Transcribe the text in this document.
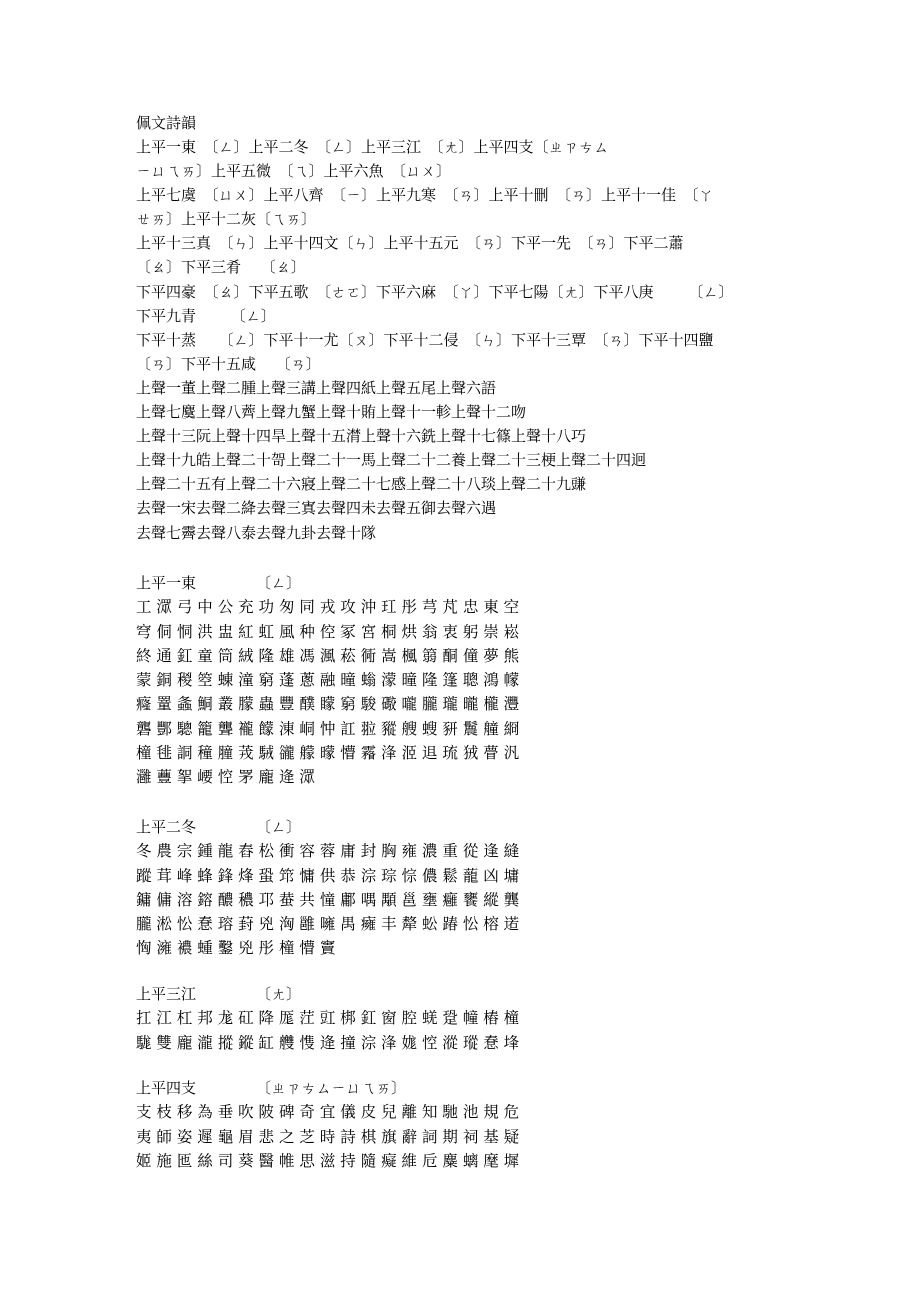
佩文詩韻
上平一東　〔ㄥ〕上平二冬　〔ㄥ〕上平三江　〔ㄤ〕上平四支〔ㄓㄗㄘㄙ
ㄧㄩㄟㄞ〕上平五微　〔ㄟ〕上平六魚　〔ㄩㄨ〕
上平七虞　〔ㄩㄨ〕上平八齊　〔ㄧ〕上平九寒　〔ㄢ〕上平十刪　〔ㄢ〕上平十一佳　〔ㄚ
ㄝㄞ〕上平十二灰〔ㄟㄞ〕
上平十三真　〔ㄣ〕上平十四文〔ㄣ〕上平十五元　〔ㄢ〕下平一先　〔ㄢ〕下平二蕭
〔ㄠ〕下平三肴　 〔ㄠ〕
下平四豪　〔ㄠ〕下平五歌　〔ㄜㄛ〕下平六麻　〔ㄚ〕下平七陽〔ㄤ〕下平八庚　　 〔ㄥ〕
下平九青　　 〔ㄥ〕
下平十蒸　　〔ㄥ〕下平十一尤〔ㄡ〕下平十二侵　〔ㄣ〕下平十三覃　〔ㄢ〕下平十四鹽
〔ㄢ〕下平十五咸　 〔ㄢ〕
上聲一董上聲二腫上聲三講上聲四紙上聲五尾上聲六語
上聲七麌上聲八薺上聲九蟹上聲十賄上聲十一軫上聲十二吻
上聲十三阮上聲十四旱上聲十五潸上聲十六銑上聲十七篠上聲十八巧
上聲十九皓上聲二十哿上聲二十一馬上聲二十二養上聲二十三梗上聲二十四迥
上聲二十五有上聲二十六寢上聲二十七感上聲二十八琰上聲二十九豏
去聲一宋去聲二絳去聲三寘去聲四未去聲五御去聲六遇
去聲七霽去聲八泰去聲九卦去聲十隊
上平一東	〔ㄥ〕
工 潀 弓 中 公 充 功 匆 同 戎 攻 沖 玒 彤 芎 芃 忠 東 空
穹 侗 恫 洪 盅 紅 虹 風 种 倥 冢 宮 桐 烘 翁 衷 躬 崇 崧
終 通 釭 童 筒 絨 隆 雄 馮 渢 菘 衕 嵩 楓 篛 酮 僮 夢 熊
蒙 銅 稯 箜 蝀 潼 窮 蓬 蔥 融 曈 螉 濛 曈 隆 篷 聰 鴻 幪
癃 罿 螽 鮦 叢 朦 蟲 豐 醭 矇 窮 駿 礮 嚨 朧 瓏 曨 櫳 灃
礱 酆 驄 籠 聾 襱 饛 涷 峒 忡 訌 翋 豵 艘 螋 豜 鬞 艟 綗
橦 毴 詷 穜 膧 茙 駥 豅 艨 曚 懵 霿 浲 洍 䢐 琉 狨 瞢 汎
灉 蘴 挐 崾 悾 罞 龐 逄 潀
上平二冬	〔ㄥ〕
冬 農 宗 鍾 龍 舂 松 衝 容 蓉 庸 封 胸 雍 濃 重 從 逢 縫
蹤 茸 峰 蜂 鋒 烽 蛩 筇 慵 供 恭 淙 琮 悰 儂 鬆 蘢 凶 墉
鏞 傭 溶 鎔 醲 穠 邛 蛬 共 憧 鄘 喁 顒 邕 壅 癰 饔 縱 龔
朧 淞 忪 惷 瑢 葑 兇 洶 雝 噰 禺 癕 丰 犛 蚣 踳 忪 榕 逽
恟 澭 襛 蝩 鑿 兇 彤 橦 懵 竇
上平三江	〔ㄤ〕
扛 江 杠 邦 尨 矼 降 厖 茳 豇 梆 釭 窗 腔 蜣 跫 幢 樁 橦
駹 雙 龐 瀧 摐 鏦 缸 艭 愯 逄 撞 淙 浲 娏 悾 漎 瑽 惷 埄
上平四支	〔ㄓㄗㄘㄙㄧㄩㄟㄞ〕
支 枝 移 為 垂 吹 陂 碑 奇 宜 儀 皮 兒 離 知 馳 池 規 危
夷 師 姿 遲 龜 眉 悲 之 芝 時 詩 棋 旗 辭 詞 期 祠 基 疑
姬 施 匜 絲 司 葵 醫 帷 思 滋 持 隨 癡 維 卮 麋 螭 麾 墀
